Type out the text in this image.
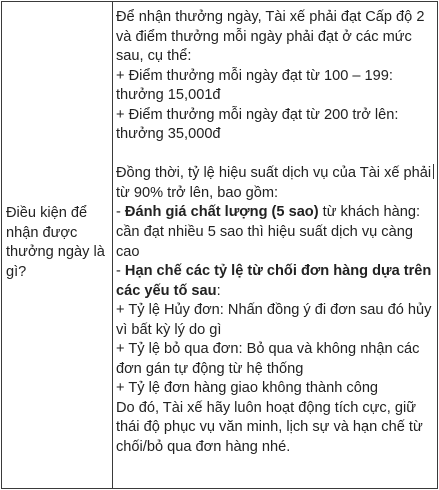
Điều kiện để
nhận được
thưởng ngày là
gì?
Để nhận thưởng ngày, Tài xế phải đạt Cấp độ 2
và điểm thưởng mỗi ngày phải đạt ở các mức
sau, cụ thể:
+ Điểm thưởng mỗi ngày đạt từ 100 – 199:
thưởng 15,001đ
+ Điểm thưởng mỗi ngày đạt từ 200 trở lên:
thưởng 35,000đ
Đồng thời, tỷ lệ hiệu suất dịch vụ của Tài xế phải
từ 90% trở lên, bao gồm:
- Đánh giá chất lượng (5 sao) từ khách hàng:
cần đạt nhiều 5 sao thì hiệu suất dịch vụ càng
cao
- Hạn chế các tỷ lệ từ chối đơn hàng dựa trên
các yếu tố sau:
+ Tỷ lệ Hủy đơn: Nhấn đồng ý đi đơn sau đó hủy
vì bất kỳ lý do gì
+ Tỷ lệ bỏ qua đơn: Bỏ qua và không nhận các
đơn gán tự động từ hệ thống
+ Tỷ lệ đơn hàng giao không thành công
Do đó, Tài xế hãy luôn hoạt động tích cực, giữ
thái độ phục vụ văn minh, lịch sự và hạn chế từ
chối/bỏ qua đơn hàng nhé.
